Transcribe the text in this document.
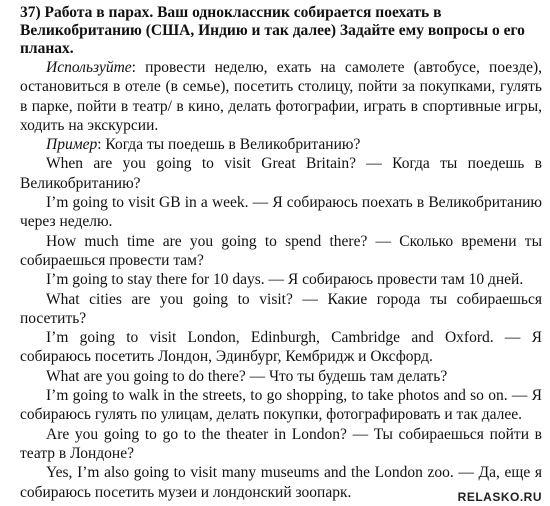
37) Работа в парах. Ваш одноклассник собирается поехать в Великобританию (США, Индию и так далее) Задайте ему вопросы о его планах.

Используйте: провести неделю, ехать на самолете (автобусе, поезде), остановиться в отеле (в семье), посетить столицу, пойти за покупками, гулять в парке, пойти в театр/ в кино, делать фотографии, играть в спортивные игры, ходить на экскурсии.

Пример: Когда ты поедешь в Великобританию?

When are you going to visit Great Britain? — Когда ты поедешь в Великобританию?

I’m going to visit GB in a week. — Я собираюсь поехать в Великобританию через неделю.

How much time are you going to spend there? — Сколько времени ты собираешься провести там?

I’m going to stay there for 10 days. — Я собираюсь провести там 10 дней.

What cities are you going to visit? — Какие города ты собираешься посетить?

I’m going to visit London, Edinburgh, Cambridge and Oxford. — Я собираюсь посетить Лондон, Эдинбург, Кембридж и Оксфорд.

What are you going to do there? — Что ты будешь там делать?

I’m going to walk in the streets, to go shopping, to take photos and so on. — Я собираюсь гулять по улицам, делать покупки, фотографировать и так далее.

Are you going to go to the theater in London? — Ты собираешься пойти в театр в Лондоне?

Yes, I’m also going to visit many museums and the London zoo. — Да, еще я собираюсь посетить музеи и лондонский зоопарк.	RELASKO.RU
